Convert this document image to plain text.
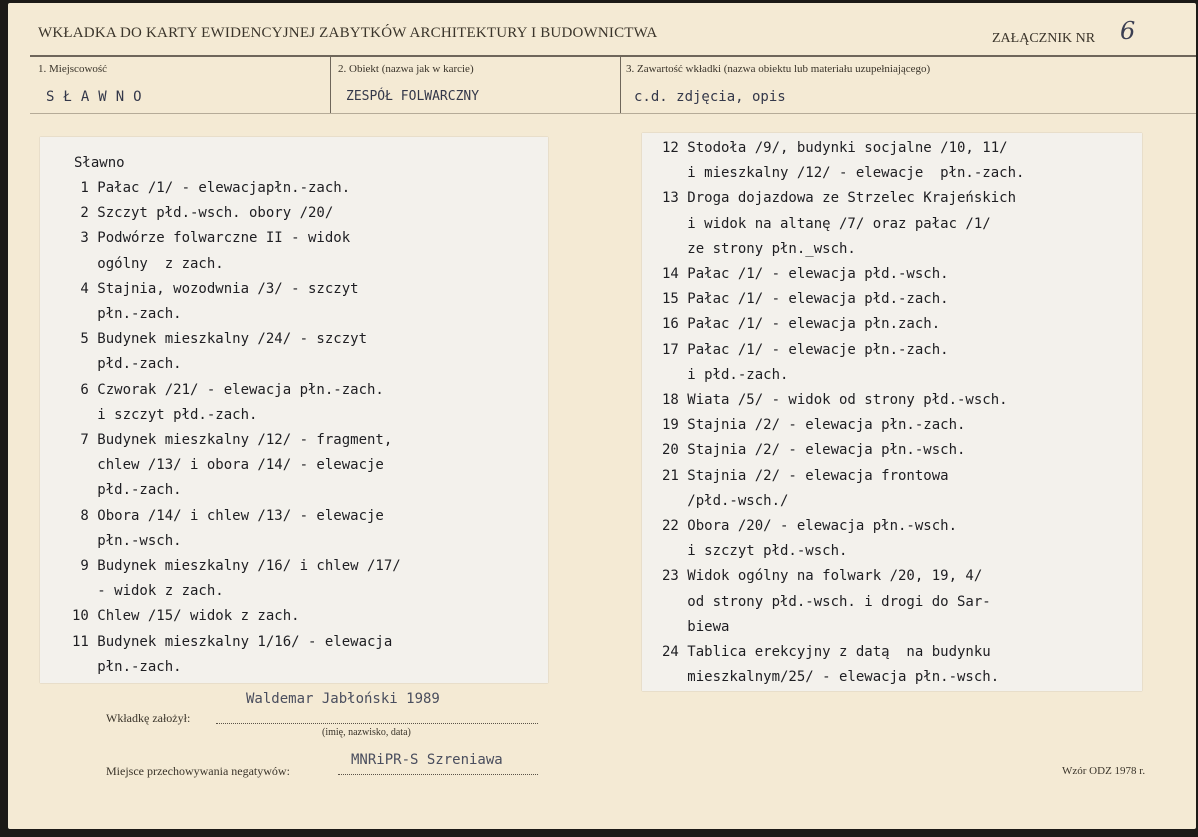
WKŁADKA DO KARTY EWIDENCYJNEJ ZABYTKÓW ARCHITEKTURY I BUDOWNICTWA	ZAŁĄCZNIK NR 6
1. Miejscowość
SŁAWNO
2. Obiekt (nazwa jak w karcie)
ZESPÓŁ FOLWARCZNY
3. Zawartość wkładki (nazwa obiektu lub materiału uzupełniającego)
c.d. zdjęcia, opis
Sławno
1 Pałac /1/ - elewacjapłn.-zach.
2 Szczyt płd.-wsch. obory /20/
3 Podwórze folwarczne II - widok
ogólny  z zach.
4 Stajnia, wozodwnia /3/ - szczyt
płn.-zach.
5 Budynek mieszkalny /24/ - szczyt
płd.-zach.
6 Czworak /21/ - elewacja płn.-zach.
i szczyt płd.-zach.
7 Budynek mieszkalny /12/ - fragment,
chlew /13/ i obora /14/ - elewacje
płd.-zach.
8 Obora /14/ i chlew /13/ - elewacje
płn.-wsch.
9 Budynek mieszkalny /16/ i chlew /17/
- widok z zach.
10 Chlew /15/ widok z zach.
11 Budynek mieszkalny 1/16/ - elewacja
płn.-zach.
12 Stodoła /9/, budynki socjalne /10, 11/
i mieszkalny /12/ - elewacje  płn.-zach.
13 Droga dojazdowa ze Strzelec Krajeńskich
i widok na altanę /7/ oraz pałac /1/
ze strony płn._wsch.
14 Pałac /1/ - elewacja płd.-wsch.
15 Pałac /1/ - elewacja płd.-zach.
16 Pałac /1/ - elewacja płn.zach.
17 Pałac /1/ - elewacje płn.-zach.
i płd.-zach.
18 Wiata /5/ - widok od strony płd.-wsch.
19 Stajnia /2/ - elewacja płn.-zach.
20 Stajnia /2/ - elewacja płn.-wsch.
21 Stajnia /2/ - elewacja frontowa
/płd.-wsch./
22 Obora /20/ - elewacja płn.-wsch.
i szczyt płd.-wsch.
23 Widok ogólny na folwark /20, 19, 4/
od strony płd.-wsch. i drogi do Sar-
biewa
24 Tablica erekcyjny z datą  na budynku
mieszkalnym/25/ - elewacja płn.-wsch.
Waldemar Jabłoński 1989
Wkładkę założył:
(imię, nazwisko, data)
MNRiPR-S Szreniawa
Miejsce przechowywania negatywów:	Wzór ODZ 1978 r.
